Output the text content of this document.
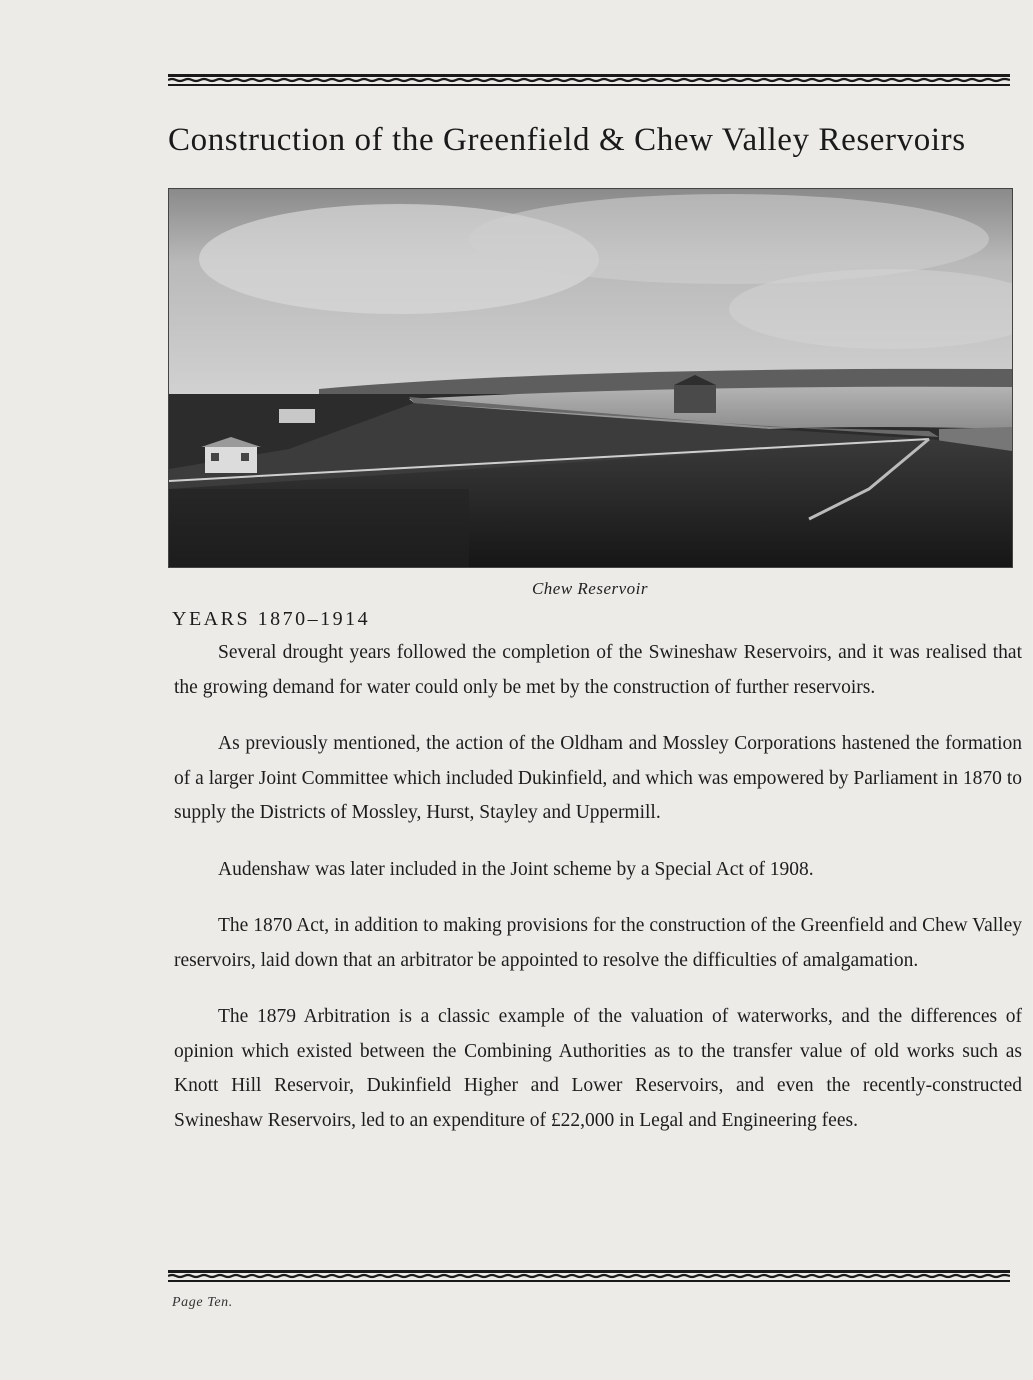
Construction of the Greenfield & Chew Valley Reservoirs
Chew Reservoir
YEARS 1870–1914

Several drought years followed the completion of the Swineshaw Reservoirs, and it was realised that the growing demand for water could only be met by the construction of further reservoirs.

As previously mentioned, the action of the Oldham and Mossley Corporations hastened the formation of a larger Joint Committee which included Dukinfield, and which was empowered by Parliament in 1870 to supply the Districts of Mossley, Hurst, Stayley and Uppermill.

Audenshaw was later included in the Joint scheme by a Special Act of 1908.

The 1870 Act, in addition to making provisions for the construction of the Greenfield and Chew Valley reservoirs, laid down that an arbitrator be appointed to resolve the difficulties of amalgamation.

The 1879 Arbitration is a classic example of the valuation of waterworks, and the differences of opinion which existed between the Combining Authorities as to the transfer value of old works such as Knott Hill Reservoir, Dukinfield Higher and Lower Reservoirs, and even the recently-constructed Swineshaw Reservoirs, led to an expenditure of £22,000 in Legal and Engineering fees.

Page Ten.
